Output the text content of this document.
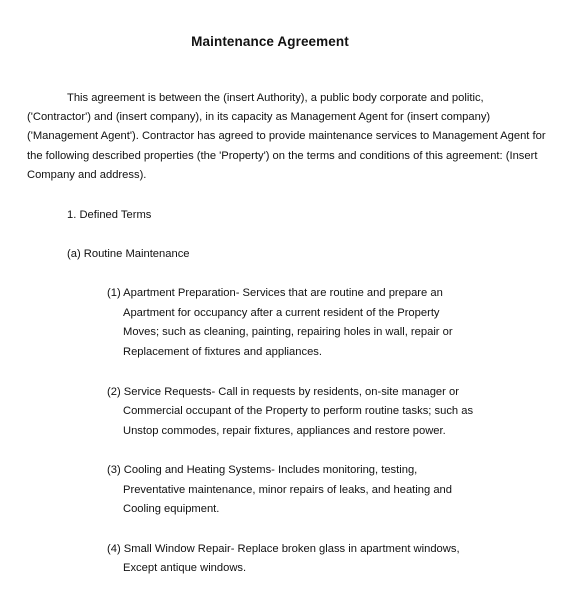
Maintenance Agreement
This agreement is between the (insert Authority), a public body corporate and politic,
('Contractor') and (insert company), in its capacity as Management Agent for (insert company)
('Management Agent'). Contractor has agreed to provide maintenance services to Management Agent for
the following described properties (the 'Property') on the terms and conditions of this agreement: (Insert
Company and address).
1. Defined Terms
(a) Routine Maintenance
(1) Apartment Preparation- Services that are routine and prepare an
Apartment for occupancy after a current resident of the Property
Moves; such as cleaning, painting, repairing holes in wall, repair or
Replacement of fixtures and appliances.
(2) Service Requests- Call in requests by residents, on-site manager or
Commercial occupant of the Property to perform routine tasks; such as
Unstop commodes, repair fixtures, appliances and restore power.
(3) Cooling and Heating Systems- Includes monitoring, testing,
Preventative maintenance, minor repairs of leaks, and heating and
Cooling equipment.
(4) Small Window Repair- Replace broken glass in apartment windows,
Except antique windows.
